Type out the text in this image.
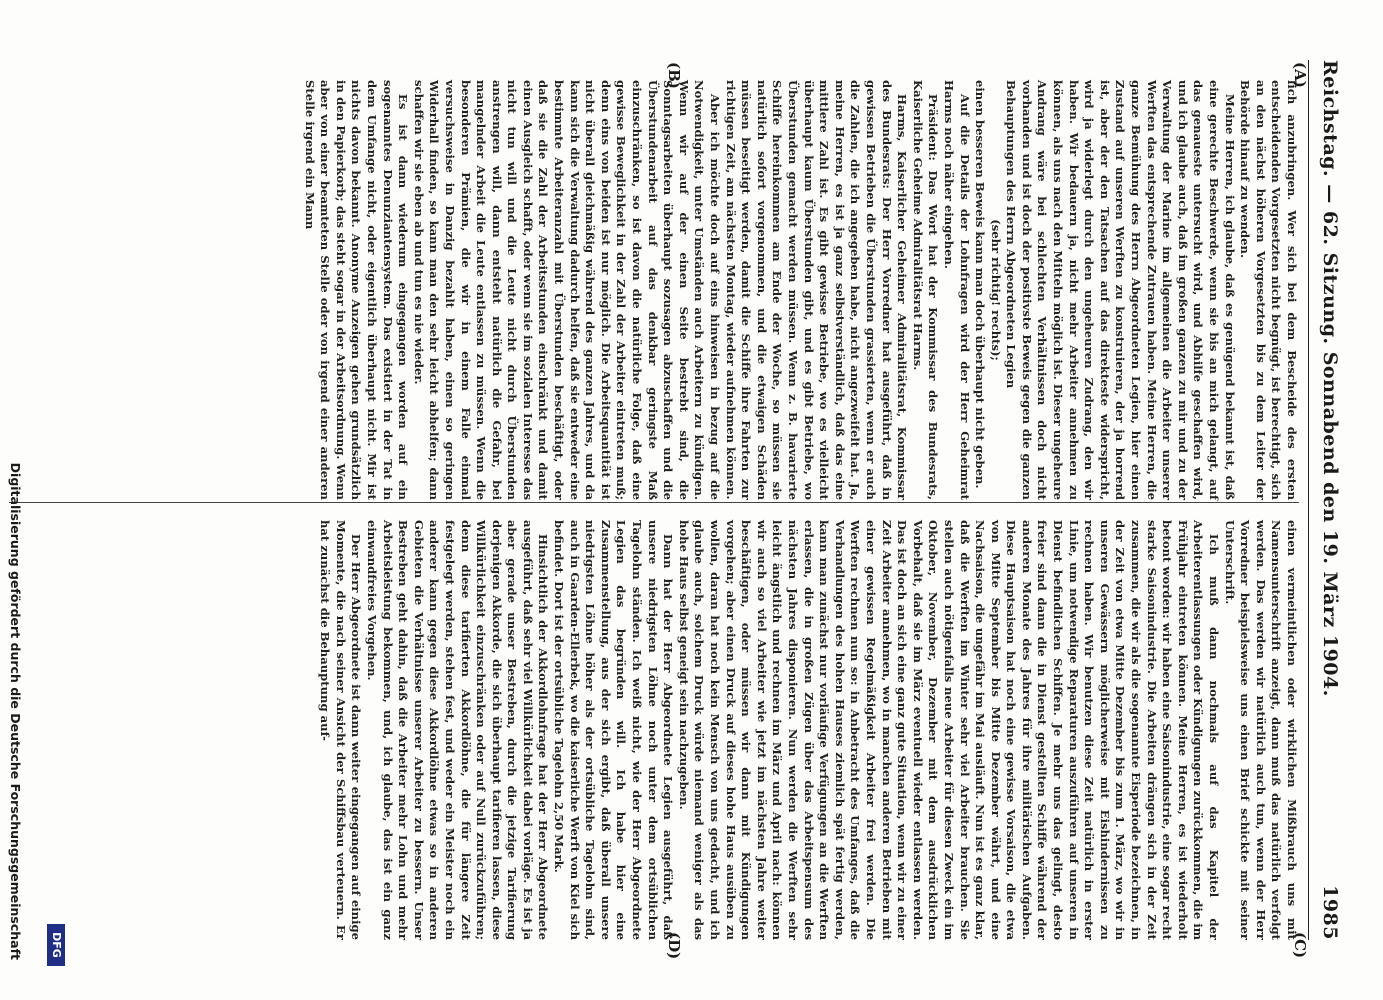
Reichstag. — 62. Sitzung. Sonnabend den 19. März 1904.
1985
(A)
(B)
(C)
(D)

lich anzubringen. Wer sich bei dem Bescheide des ersten entscheidenden Vorgesetzten nicht begnügt, ist berechtigt, sich an den nächst höheren Vorgesetzten bis zu dem Leiter der Behörde hinauf zu wenden.

Meine Herren, ich glaube, daß es genügend bekannt ist, daß eine gerechte Beschwerde, wenn sie bis an mich gelangt, auf das genaueste untersucht wird, und Abhilfe geschaffen wird, und ich glaube auch, daß im großen ganzen zu mir und zu der Verwaltung der Marine im allgemeinen die Arbeiter unserer Werften das entsprechende Zutrauen haben. Meine Herren, die ganze Bemühung des Herrn Abgeordneten Legien, hier einen Zustand auf unseren Werften zu konstruieren, der ja horrend ist, aber der den Tatsachen auf das direkteste widerspricht, wird ja widerlegt durch den ungeheuren Zudrang, den wir haben. Wir bedauern ja, nicht mehr Arbeiter annehmen zu können, als uns nach den Mitteln möglich ist. Dieser ungeheure Andrang wäre bei schlechten Verhältnissen doch nicht vorhanden und ist doch der positivste Beweis gegen die ganzen Behauptungen des Herrn Abgeordneten Legien

(sehr richtig! rechts);

einen besseren Beweis kann man doch überhaupt nicht geben.

Auf die Details der Lohnfragen wird der Herr Geheimrat Harms noch näher eingehen.

Präsident: Das Wort hat der Kommissar des Bundesrats, Kaiserliche Geheime Admiralitätsrat Harms.

Harms, Kaiserlicher Geheimer Admiralitätsrat, Kommissar des Bundesrats: Der Herr Vorredner hat ausgeführt, daß in gewissen Betrieben die Überstunden grassierten, wenn er auch die Zahlen, die ich angegeben habe, nicht angezweifelt hat. Ja, meine Herren, es ist ja ganz selbstverständlich, daß das eine mittlere Zahl ist. Es gibt gewisse Betriebe, wo es vielleicht überhaupt kaum Überstunden gibt, und es gibt Betriebe, wo Überstunden gemacht werden müssen. Wenn z. B. havarierte Schiffe hereinkommen am Ende der Woche, so müssen sie natürlich sofort vorgenommen, und die etwaigen Schäden müssen beseitigt werden, damit die Schiffe ihre Fahrten zur richtigen Zeit, am nächsten Montag, wieder aufnehmen können.

Aber ich möchte doch auf eins hinweisen in bezug auf die Notwendigkeit, unter Umständen auch Arbeitern zu kündigen. Wenn wir auf der einen Seite bestrebt sind, die Sonntagsarbeiten überhaupt sozusagen abzuschaffen und die Überstundenarbeit auf das denkbar geringste Maß einzuschränken, so ist davon die natürliche Folge, daß eine gewisse Beweglichkeit in der Zahl der Arbeiter eintreten muß; denn eins von beiden ist nur möglich. Die Arbeitsquantität ist nicht überall gleichmäßig während des ganzen Jahres, und da kann sich die Verwaltung dadurch helfen, daß sie entweder eine bestimmte Arbeiteranzahl mit Überstunden beschäftigt, oder daß sie die Zahl der Arbeitsstunden einschränkt und damit einen Ausgleich schafft, oder wenn sie im sozialen Interesse das nicht tun will und die Leute nicht durch Überstunden anstrengen will, dann entsteht natürlich die Gefahr, bei mangelnder Arbeit die Leute entlassen zu müssen. Wenn die besonderen Prämien, die wir in einem Falle einmal versuchsweise in Danzig bezahlt haben, einen so geringen Widerhall finden, so kann man den sehr leicht abhelfen; dann schaffen wir sie eben ab und tun es nie wieder.

Es ist dann wiederum eingegangen worden auf ein sogenanntes Denunziantensystem. Das existiert in der Tat in dem Umfange nicht, oder eigentlich überhaupt nicht. Mir ist nichts davon bekannt. Anonyme Anzeigen gehen grundsätzlich in den Papierkorb; das steht sogar in der Arbeitsordnung. Wenn aber von einer beamteten Stelle oder von irgend einer anderen Stelle irgend ein Mann

einen vermeintlichen oder wirklichen Mißbrauch uns mit Namensunterschrift anzeigt, dann muß das natürlich verfolgt werden. Das werden wir natürlich auch tun, wenn der Herr Vorredner beispielsweise uns einen Brief schickte mit seiner Unterschrift.

Ich muß dann nochmals auf das Kapitel der Arbeiterentlassungen oder Kündigungen zurückkommen, die im Frühjahr eintreten können. Meine Herren, es ist wiederholt betont worden: wir haben eine Saisonindustrie, eine sogar recht starke Saisonindustrie. Die Arbeiten drängen sich in der Zeit zusammen, die wir als die sogenannte Eisperiode bezeichnen, in der Zeit von etwa Mitte Dezember bis zum 1. März, wo wir in unseren Gewässern möglicherweise mit Eishindernissen zu rechnen haben. Wir benutzen diese Zeit natürlich in erster Linie, um notwendige Reparaturen auszuführen auf unseren in Dienst befindlichen Schiffen. Je mehr uns das gelingt, desto freier sind dann die in Dienst gestellten Schiffe während der anderen Monate des Jahres für ihre militärischen Aufgaben. Diese Hauptsaison hat noch eine gewisse Vorsaison, die etwa von Mitte September bis Mitte Dezember währt, und eine Nachsaison, die ungefähr im Mai ausläuft. Nun ist es ganz klar, daß die Werften im Winter sehr viel Arbeiter brauchen. Sie stellen auch nötigenfalls neue Arbeiter für diesen Zweck ein im Oktober, November, Dezember mit dem ausdrücklichen Vorbehalt, daß sie im März eventuell wieder entlassen werden. Das ist doch an sich eine ganz gute Situation, wenn wir zu einer Zeit Arbeiter annehmen, wo in manchen anderen Betrieben mit einer gewissen Regelmäßigkeit Arbeiter frei werden. Die Werften rechnen nun so: in Anbetracht des Umfanges, daß die Verhandlungen des hohen Hauses ziemlich spät fertig werden, kann man zunächst nur vorläufige Verfügungen an die Werften erlassen, die in großen Zügen über das Arbeitspensum des nächsten Jahres disponieren. Nun werden die Werften sehr leicht ängstlich und rechnen im März und April nach: können wir auch so viel Arbeiter wie jetzt im nächsten Jahre weiter beschäftigen, oder müssen wir dann mit Kündigungen vorgehen; aber einen Druck auf dieses hohe Haus ausüben zu wollen, daran hat noch kein Mensch von uns gedacht, und ich glaube auch, solchem Druck würde niemand weniger als das hohe Haus selbst geneigt sein nachzugeben.

Dann hat der Herr Abgeordnete Legien ausgeführt, daß unsere niedrigsten Löhne noch unter dem ortsüblichen Tagelohn ständen. Ich weiß nicht, wie der Herr Abgeordnete Legien das begründen will. Ich habe hier eine Zusammenstellung, aus der sich ergibt, daß überall unsere niedrigsten Löhne höher als der ortsübliche Tagelohn sind, auch in Gaarden-Ellerbek, wo die kaiserliche Werft von Kiel sich befindet. Dort ist der ortsübliche Tagelohn 2,50 Mark.

Hinsichtlich der Akkordlohnfrage hat der Herr Abgeordnete ausgeführt, daß sehr viel Willkürlichkeit dabei vorläge. Es ist ja aber gerade unser Bestreben, durch die jetzige Tarifierung derjenigen Akkorde, die sich überhaupt tarifieren lassen, diese Willkürlichkeit einzuschränken oder auf Null zurückzuführen; denn diese tarifierten Akkordlöhne, die für längere Zeit festgelegt werden, stehen fest, und weder ein Meister noch ein anderer kann gegen diese Akkordlöhne etwas so in anderen Gebieten die Verhältnisse unserer Arbeiter zu bessern. Unser Bestreben geht dahin, daß die Arbeiter mehr Lohn und mehr Arbeitsleistung bekommen, und, ich glaube, das ist ein ganz einwandfreies Vorgehen.

Der Herr Abgeordnete ist dann weiter eingegangen auf einige Momente, die nach seiner Ansicht der Schiffsbau verteuern. Er hat zunächst die Behauptung auf-

DFG
Digitalisierung gefördert durch die Deutsche Forschungsgemeinschaft
